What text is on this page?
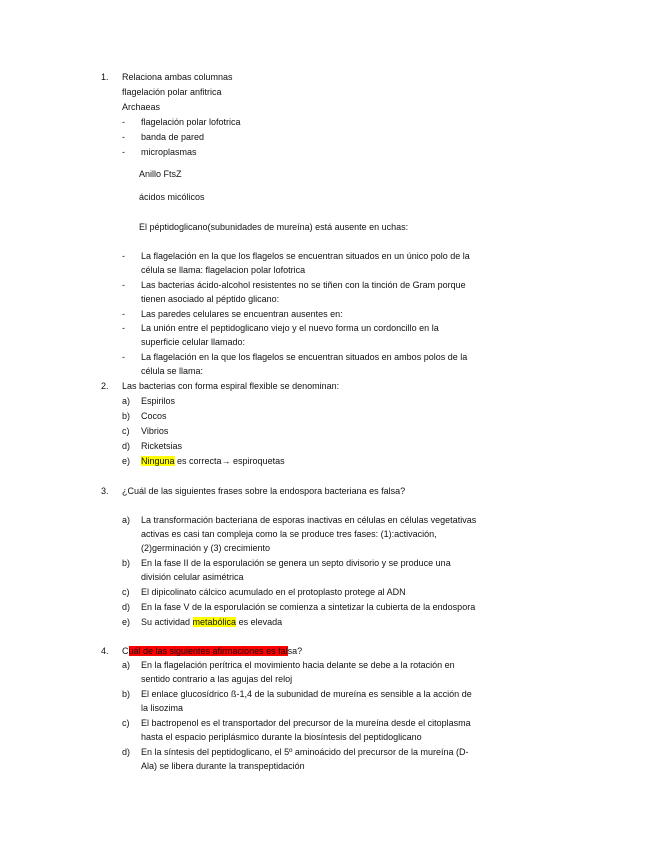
1. Relaciona ambas columnas
flagelación polar anfitrica
Archaeas
- flagelación polar lofotrica
- banda de pared
- microplasmas
Anillo FtsZ
ácidos micólicos
El péptidoglicano(subunidades de mureína) está ausente en uchas:
- La flagelación en la que los flagelos se encuentran situados en un único polo de la
célula se llama: flagelacion polar lofotrica
- Las bacterias ácido-alcohol resistentes no se tiñen con la tinción de Gram porque
tienen asociado al péptido glicano:
- Las paredes celulares se encuentran ausentes en:
- La unión entre el peptidoglicano viejo y el nuevo forma un cordoncillo en la
superficie celular llamado:
- La flagelación en la que los flagelos se encuentran situados en ambos polos de la
célula se llama:
2. Las bacterias con forma espiral flexible se denominan:
a) Espirilos
b) Cocos
c) Vibrios
d) Ricketsias
e) Ninguna es correcta→ espiroquetas
3. ¿Cuál de las siguientes frases sobre la endospora bacteriana es falsa?
a) La transformación bacteriana de esporas inactivas en células en células vegetativas
activas es casi tan compleja como la se produce tres fases: (1):activación,
(2)germinación y (3) crecimiento
b) En la fase II de la esporulación se genera un septo divisorio y se produce una
división celular asimétrica
c) El dipicolinato cálcico acumulado en el protoplasto protege al ADN
d) En la fase V de la esporulación se comienza a sintetizar la cubierta de la endospora
e) Su actividad metabólica es elevada
4. Cuál de las siguientes afirmaciones es falsa?
a) En la flagelación perítrica el movimiento hacia delante se debe a la rotación en
sentido contrario a las agujas del reloj
b) El enlace glucosídrico ß-1,4 de la subunidad de mureína es sensible a la acción de
la lisozima
c) El bactropenol es el transportador del precursor de la mureína desde el citoplasma
hasta el espacio periplásmico durante la biosíntesis del peptidoglicano
d) En la síntesis del peptidoglicano, el 5º aminoácido del precursor de la mureína (D-
Ala) se libera durante la transpeptidación
